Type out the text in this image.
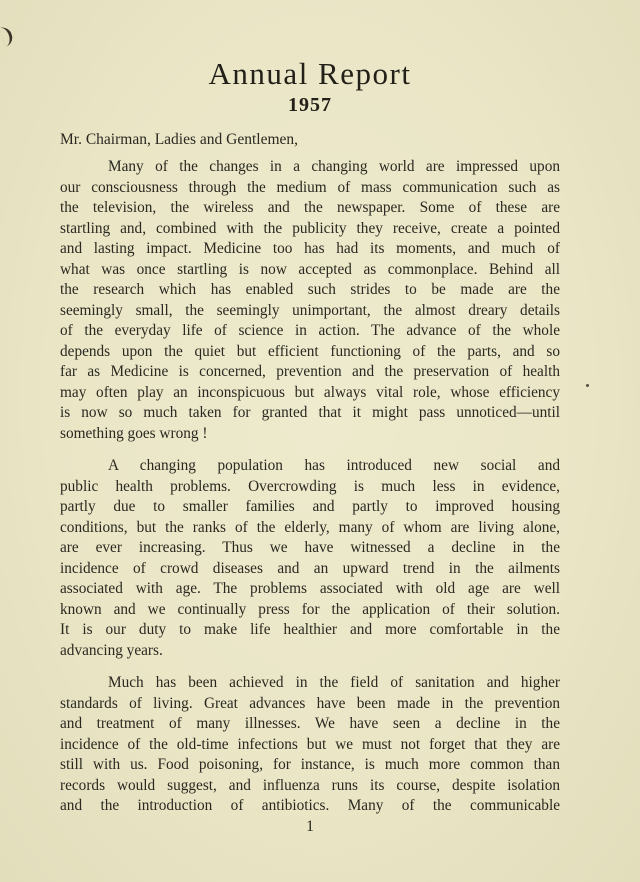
Annual Report
1957
Mr. Chairman, Ladies and Gentlemen,
Many of the changes in a changing world are impressed upon
our consciousness through the medium of mass communication such as
the television, the wireless and the newspaper. Some of these are
startling and, combined with the publicity they receive, create a pointed
and lasting impact. Medicine too has had its moments, and much of
what was once startling is now accepted as commonplace. Behind all
the research which has enabled such strides to be made are the
seemingly small, the seemingly unimportant, the almost dreary details
of the everyday life of science in action. The advance of the whole
depends upon the quiet but efficient functioning of the parts, and so
far as Medicine is concerned, prevention and the preservation of health
may often play an inconspicuous but always vital role, whose efficiency
is now so much taken for granted that it might pass unnoticed—until
something goes wrong !
A changing population has introduced new social and
public health problems. Overcrowding is much less in evidence,
partly due to smaller families and partly to improved housing
conditions, but the ranks of the elderly, many of whom are living alone,
are ever increasing. Thus we have witnessed a decline in the
incidence of crowd diseases and an upward trend in the ailments
associated with age. The problems associated with old age are well
known and we continually press for the application of their solution.
It is our duty to make life healthier and more comfortable in the
advancing years.
Much has been achieved in the field of sanitation and higher
standards of living. Great advances have been made in the prevention
and treatment of many illnesses. We have seen a decline in the
incidence of the old-time infections but we must not forget that they are
still with us. Food poisoning, for instance, is much more common than
records would suggest, and influenza runs its course, despite isolation
and the introduction of antibiotics. Many of the communicable
1
